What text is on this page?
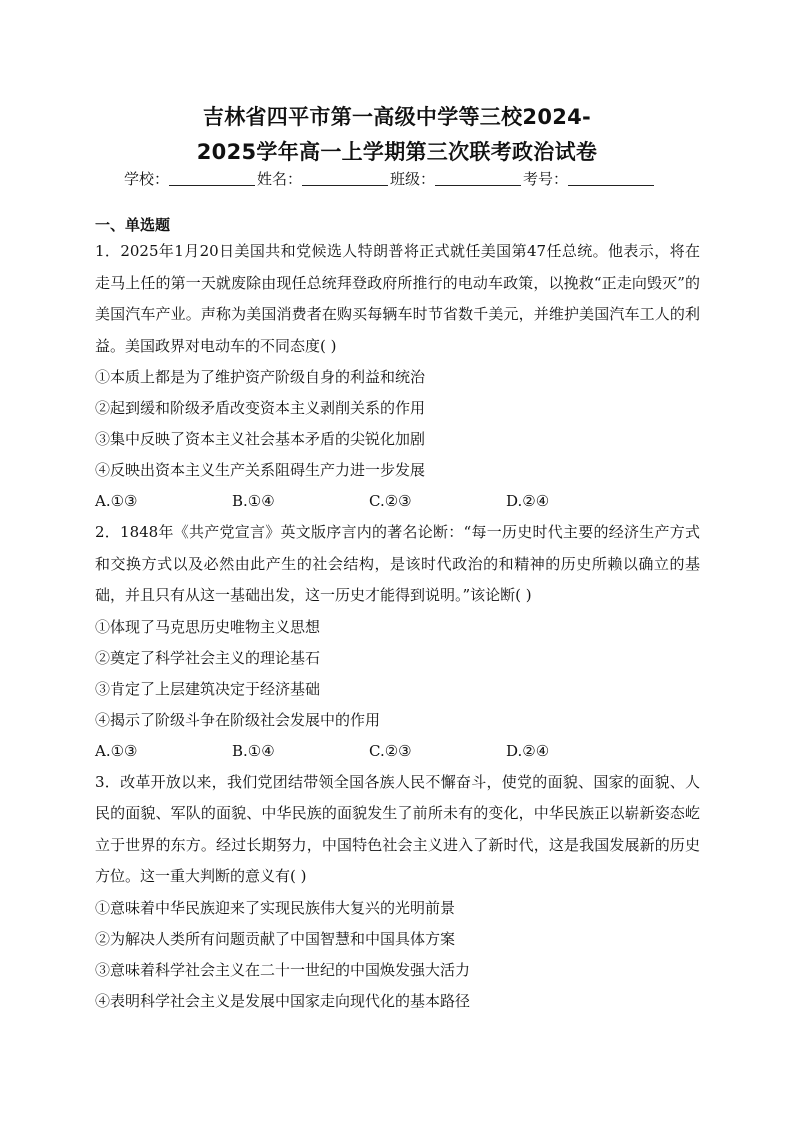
吉林省四平市第一高级中学等三校2024-
2025学年高一上学期第三次联考政治试卷
学校：	姓名：	班级：	考号：
一、单选题
1．2025年1月20日美国共和党候选人特朗普将正式就任美国第47任总统。他表示，将在走马上任的第一天就废除由现任总统拜登政府所推行的电动车政策，以挽救“正走向毁灭”的美国汽车产业。声称为美国消费者在购买每辆车时节省数千美元，并维护美国汽车工人的利益。美国政界对电动车的不同态度( )
①本质上都是为了维护资产阶级自身的利益和统治
②起到缓和阶级矛盾改变资本主义剥削关系的作用
③集中反映了资本主义社会基本矛盾的尖锐化加剧
④反映出资本主义生产关系阻碍生产力进一步发展
A.①③	B.①④	C.②③	D.②④
2．1848年《共产党宣言》英文版序言内的著名论断：“每一历史时代主要的经济生产方式和交换方式以及必然由此产生的社会结构，是该时代政治的和精神的历史所赖以确立的基础，并且只有从这一基础出发，这一历史才能得到说明。”该论断( )
①体现了马克思历史唯物主义思想
②奠定了科学社会主义的理论基石
③肯定了上层建筑决定于经济基础
④揭示了阶级斗争在阶级社会发展中的作用
A.①③	B.①④	C.②③	D.②④
3．改革开放以来，我们党团结带领全国各族人民不懈奋斗，使党的面貌、国家的面貌、人民的面貌、军队的面貌、中华民族的面貌发生了前所未有的变化，中华民族正以崭新姿态屹立于世界的东方。经过长期努力，中国特色社会主义进入了新时代，这是我国发展新的历史方位。这一重大判断的意义有( )
①意味着中华民族迎来了实现民族伟大复兴的光明前景
②为解决人类所有问题贡献了中国智慧和中国具体方案
③意味着科学社会主义在二十一世纪的中国焕发强大活力
④表明科学社会主义是发展中国家走向现代化的基本路径
